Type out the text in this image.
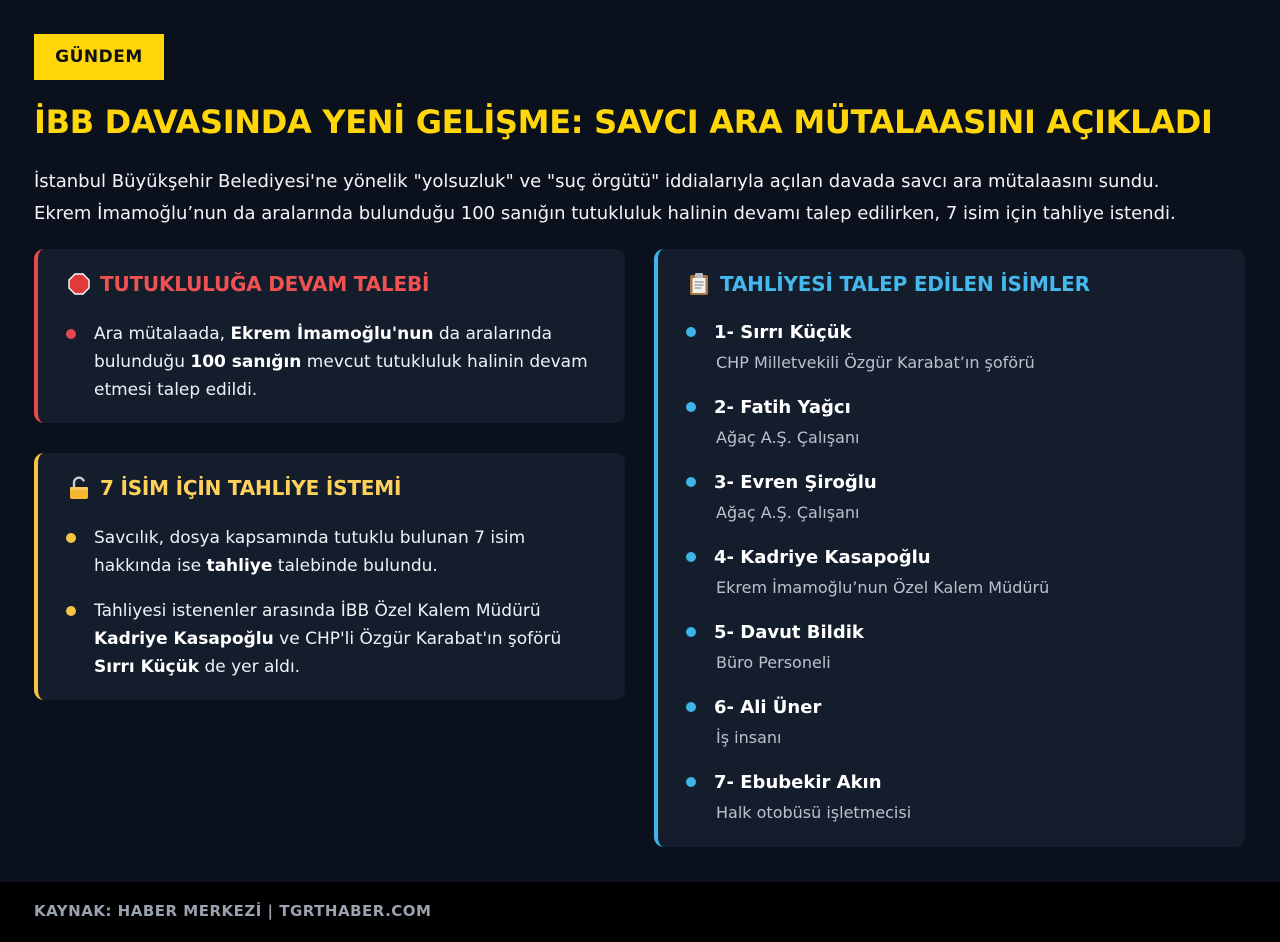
GÜNDEM
İBB DAVASINDA YENİ GELİŞME: SAVCI ARA MÜTALAASINI AÇIKLADI
İstanbul Büyükşehir Belediyesi'ne yönelik "yolsuzluk" ve "suç örgütü" iddialarıyla açılan davada savcı ara mütalaasını sundu.
Ekrem İmamoğlu’nun da aralarında bulunduğu 100 sanığın tutukluluk halinin devamı talep edilirken, 7 isim için tahliye istendi.
TUTUKLULUĞA DEVAM TALEBİ
Ara mütalaada, Ekrem İmamoğlu'nun da aralarında bulunduğu 100 sanığın mevcut tutukluluk halinin devam etmesi talep edildi.
7 İSİM İÇİN TAHLİYE İSTEMİ
Savcılık, dosya kapsamında tutuklu bulunan 7 isim hakkında ise tahliye talebinde bulundu.
Tahliyesi istenenler arasında İBB Özel Kalem Müdürü Kadriye Kasapoğlu ve CHP'li Özgür Karabat'ın şoförü Sırrı Küçük de yer aldı.
TAHLİYESİ TALEP EDİLEN İSİMLER
1- Sırrı Küçük
CHP Milletvekili Özgür Karabat’ın şoförü
2- Fatih Yağcı
Ağaç A.Ş. Çalışanı
3- Evren Şiroğlu
Ağaç A.Ş. Çalışanı
4- Kadriye Kasapoğlu
Ekrem İmamoğlu’nun Özel Kalem Müdürü
5- Davut Bildik
Büro Personeli
6- Ali Üner
İş insanı
7- Ebubekir Akın
Halk otobüsü işletmecisi
KAYNAK: HABER MERKEZİ | TGRTHABER.COM
